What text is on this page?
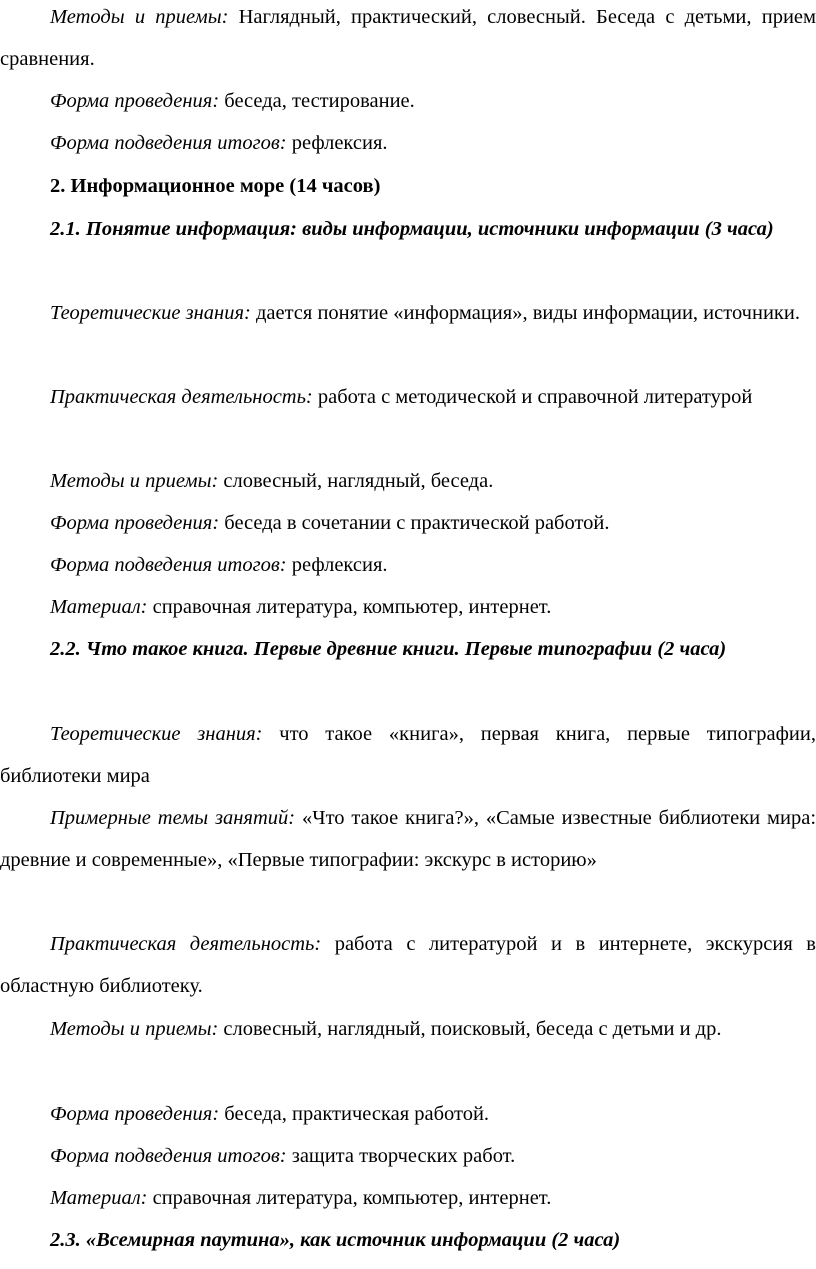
Методы и приемы: Наглядный, практический, словесный. Беседа с детьми, прием сравнения.

Форма проведения: беседа, тестирование.

Форма подведения итогов: рефлексия.

2. Информационное море (14 часов)

2.1. Понятие информация: виды информации, источники информации (3 часа)

Теоретические знания: дается понятие «информация», виды информации, источники.

Практическая деятельность: работа с методической и справочной литературой

Методы и приемы: словесный, наглядный, беседа.

Форма проведения: беседа в сочетании с практической работой.

Форма подведения итогов: рефлексия.

Материал: справочная литература, компьютер, интернет.

2.2. Что такое книга. Первые древние книги. Первые типографии (2 часа)

Теоретические знания: что такое «книга», первая книга, первые типографии, библиотеки мира

Примерные темы занятий: «Что такое книга?», «Самые известные библиотеки мира: древние и современные», «Первые типографии: экскурс в историю»

Практическая деятельность: работа с литературой и в интернете, экскурсия в областную библиотеку.

Методы и приемы: словесный, наглядный, поисковый, беседа с детьми и др.

Форма проведения: беседа, практическая работой.

Форма подведения итогов: защита творческих работ.

Материал: справочная литература, компьютер, интернет.

2.3. «Всемирная паутина», как источник информации (2 часа)
